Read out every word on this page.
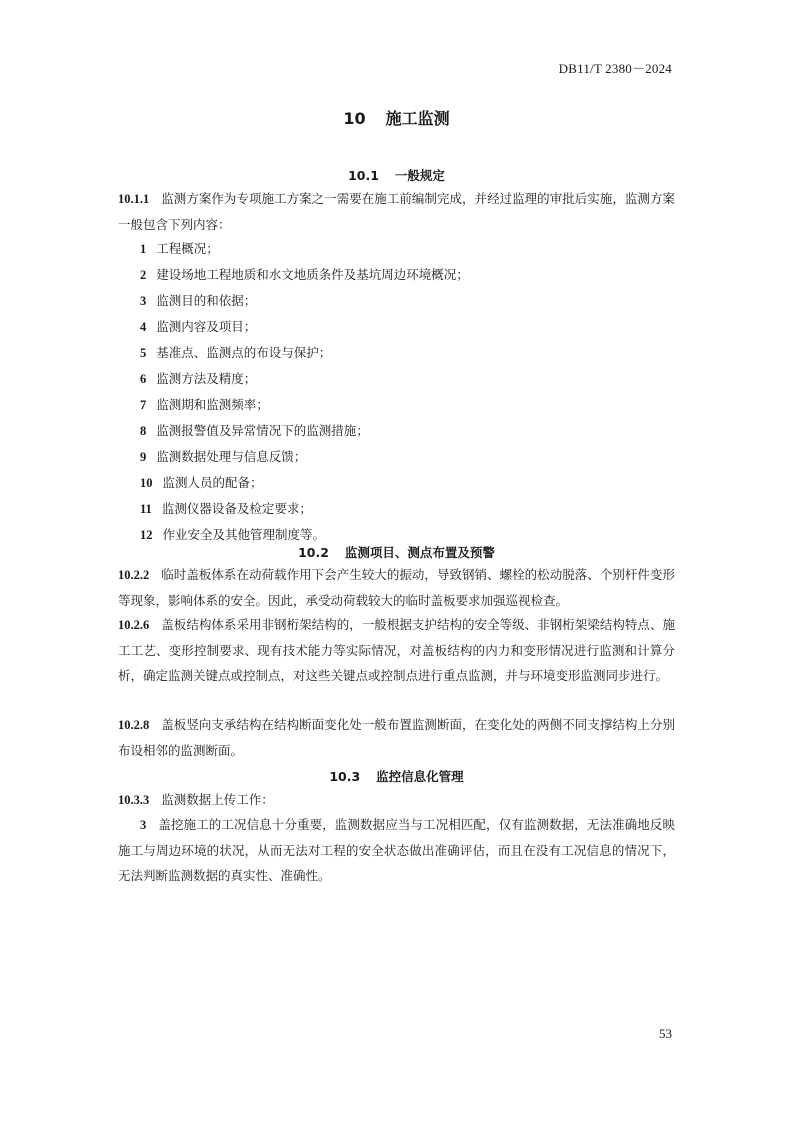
DB11/T 2380－2024
10 施工监测
10.1 一般规定
10.1.1 监测方案作为专项施工方案之一需要在施工前编制完成，并经过监理的审批后实施，监测方案一般包含下列内容：
1 工程概况；
2 建设场地工程地质和水文地质条件及基坑周边环境概况；
3 监测目的和依据；
4 监测内容及项目；
5 基准点、监测点的布设与保护；
6 监测方法及精度；
7 监测期和监测频率；
8 监测报警值及异常情况下的监测措施；
9 监测数据处理与信息反馈；
10 监测人员的配备；
11 监测仪器设备及检定要求；
12 作业安全及其他管理制度等。
10.2 监测项目、测点布置及预警
10.2.2 临时盖板体系在动荷载作用下会产生较大的振动，导致钢销、螺栓的松动脱落、个别杆件变形等现象，影响体系的安全。因此，承受动荷载较大的临时盖板要求加强巡视检查。
10.2.6 盖板结构体系采用非钢桁架结构的，一般根据支护结构的安全等级、非钢桁架梁结构特点、施工工艺、变形控制要求、现有技术能力等实际情况，对盖板结构的内力和变形情况进行监测和计算分析，确定监测关键点或控制点，对这些关键点或控制点进行重点监测，并与环境变形监测同步进行。
10.2.8 盖板竖向支承结构在结构断面变化处一般布置监测断面，在变化处的两侧不同支撑结构上分别布设相邻的监测断面。
10.3 监控信息化管理
10.3.3 监测数据上传工作：
3 盖挖施工的工况信息十分重要，监测数据应当与工况相匹配，仅有监测数据，无法准确地反映施工与周边环境的状况，从而无法对工程的安全状态做出准确评估，而且在没有工况信息的情况下，无法判断监测数据的真实性、准确性。
53
